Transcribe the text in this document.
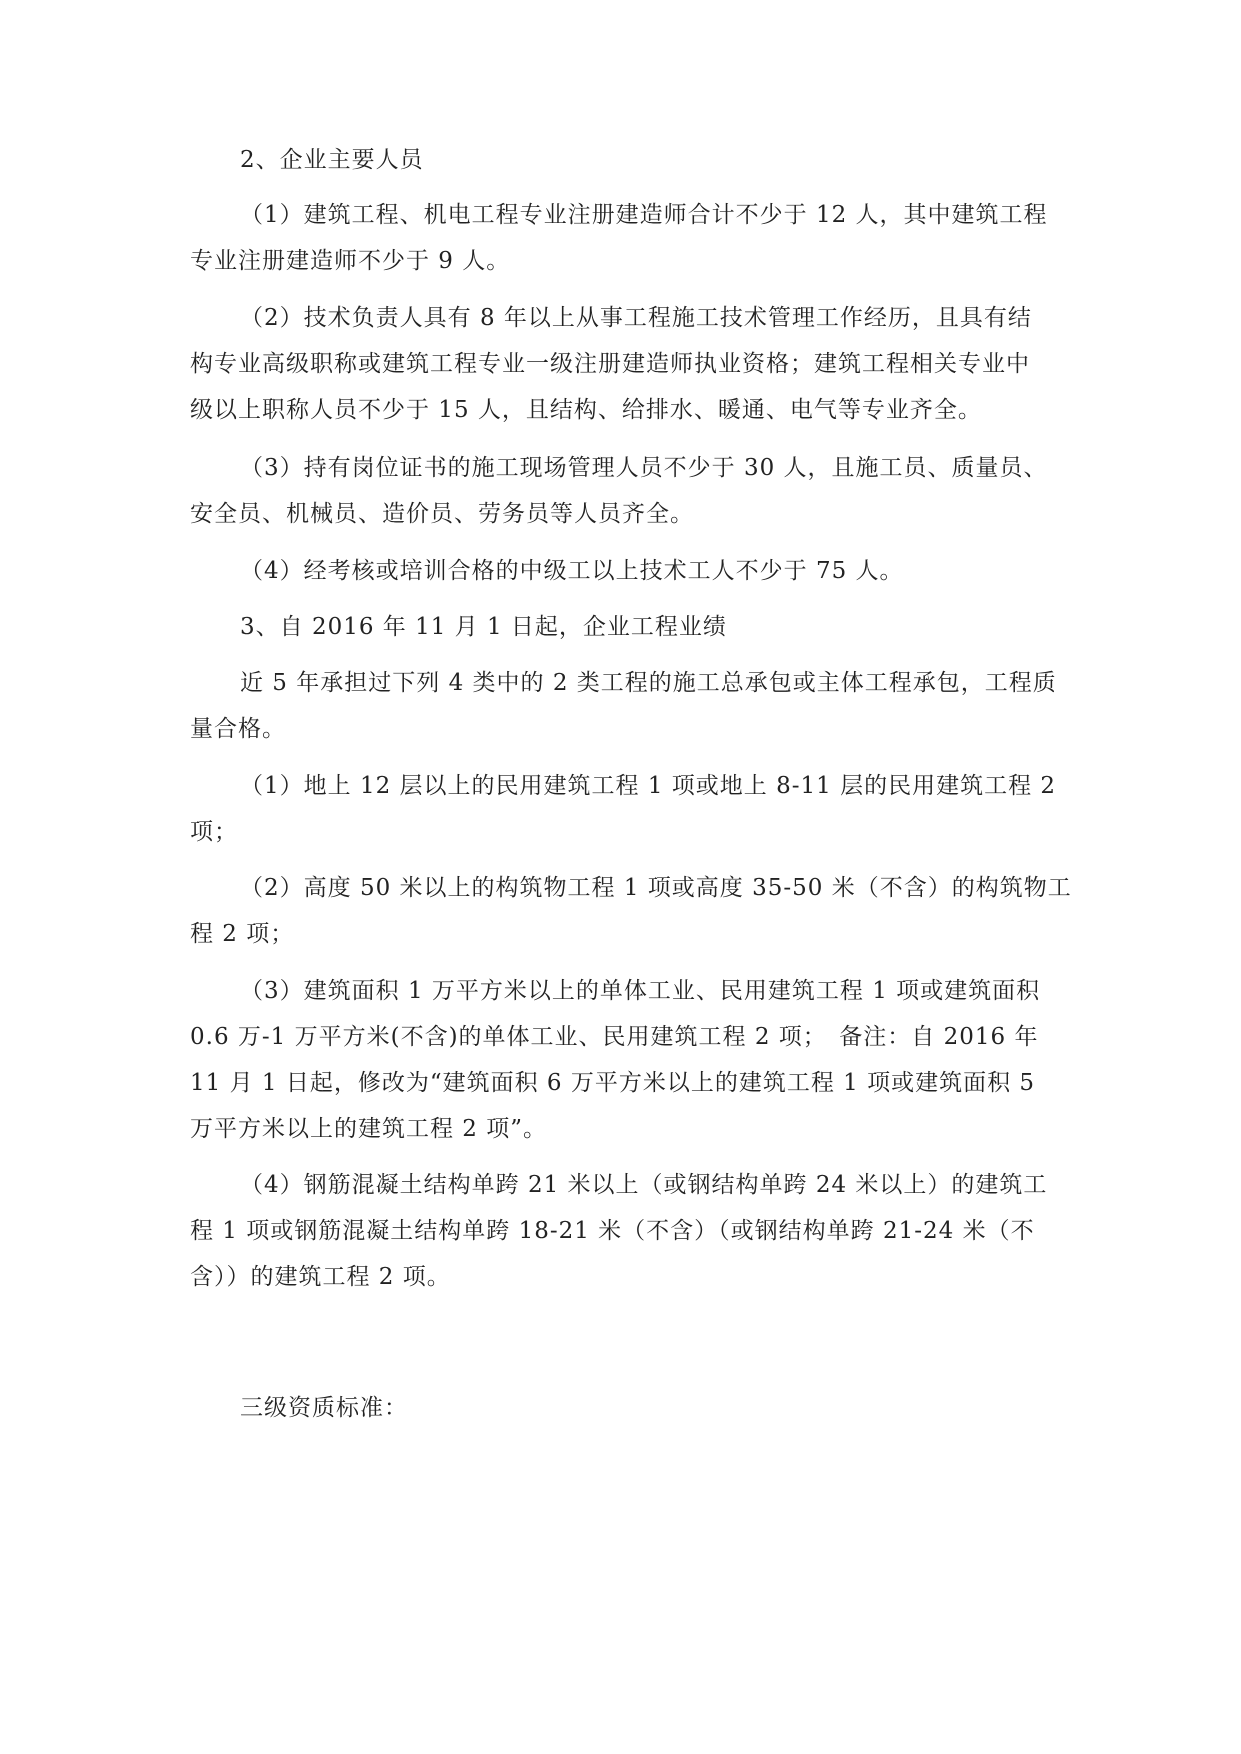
2、企业主要人员
（1）建筑工程、机电工程专业注册建造师合计不少于 12 人，其中建筑工程
专业注册建造师不少于 9 人。
（2）技术负责人具有 8 年以上从事工程施工技术管理工作经历，且具有结
构专业高级职称或建筑工程专业一级注册建造师执业资格；建筑工程相关专业中
级以上职称人员不少于 15 人，且结构、给排水、暖通、电气等专业齐全。
（3）持有岗位证书的施工现场管理人员不少于 30 人，且施工员、质量员、
安全员、机械员、造价员、劳务员等人员齐全。
（4）经考核或培训合格的中级工以上技术工人不少于 75 人。
3、自 2016 年 11 月 1 日起，企业工程业绩
近 5 年承担过下列 4 类中的 2 类工程的施工总承包或主体工程承包，工程质
量合格。
（1）地上 12 层以上的民用建筑工程 1 项或地上 8-11 层的民用建筑工程 2
项；
（2）高度 50 米以上的构筑物工程 1 项或高度 35-50 米（不含）的构筑物工
程 2 项；
（3）建筑面积 1 万平方米以上的单体工业、民用建筑工程 1 项或建筑面积
0.6 万-1 万平方米(不含)的单体工业、民用建筑工程 2 项；　备注：自 2016 年
11 月 1 日起，修改为“建筑面积 6 万平方米以上的建筑工程 1 项或建筑面积 5
万平方米以上的建筑工程 2 项”。
（4）钢筋混凝土结构单跨 21 米以上（或钢结构单跨 24 米以上）的建筑工
程 1 项或钢筋混凝土结构单跨 18-21 米（不含）（或钢结构单跨 21-24 米（不
含））的建筑工程 2 项。
三级资质标准：
